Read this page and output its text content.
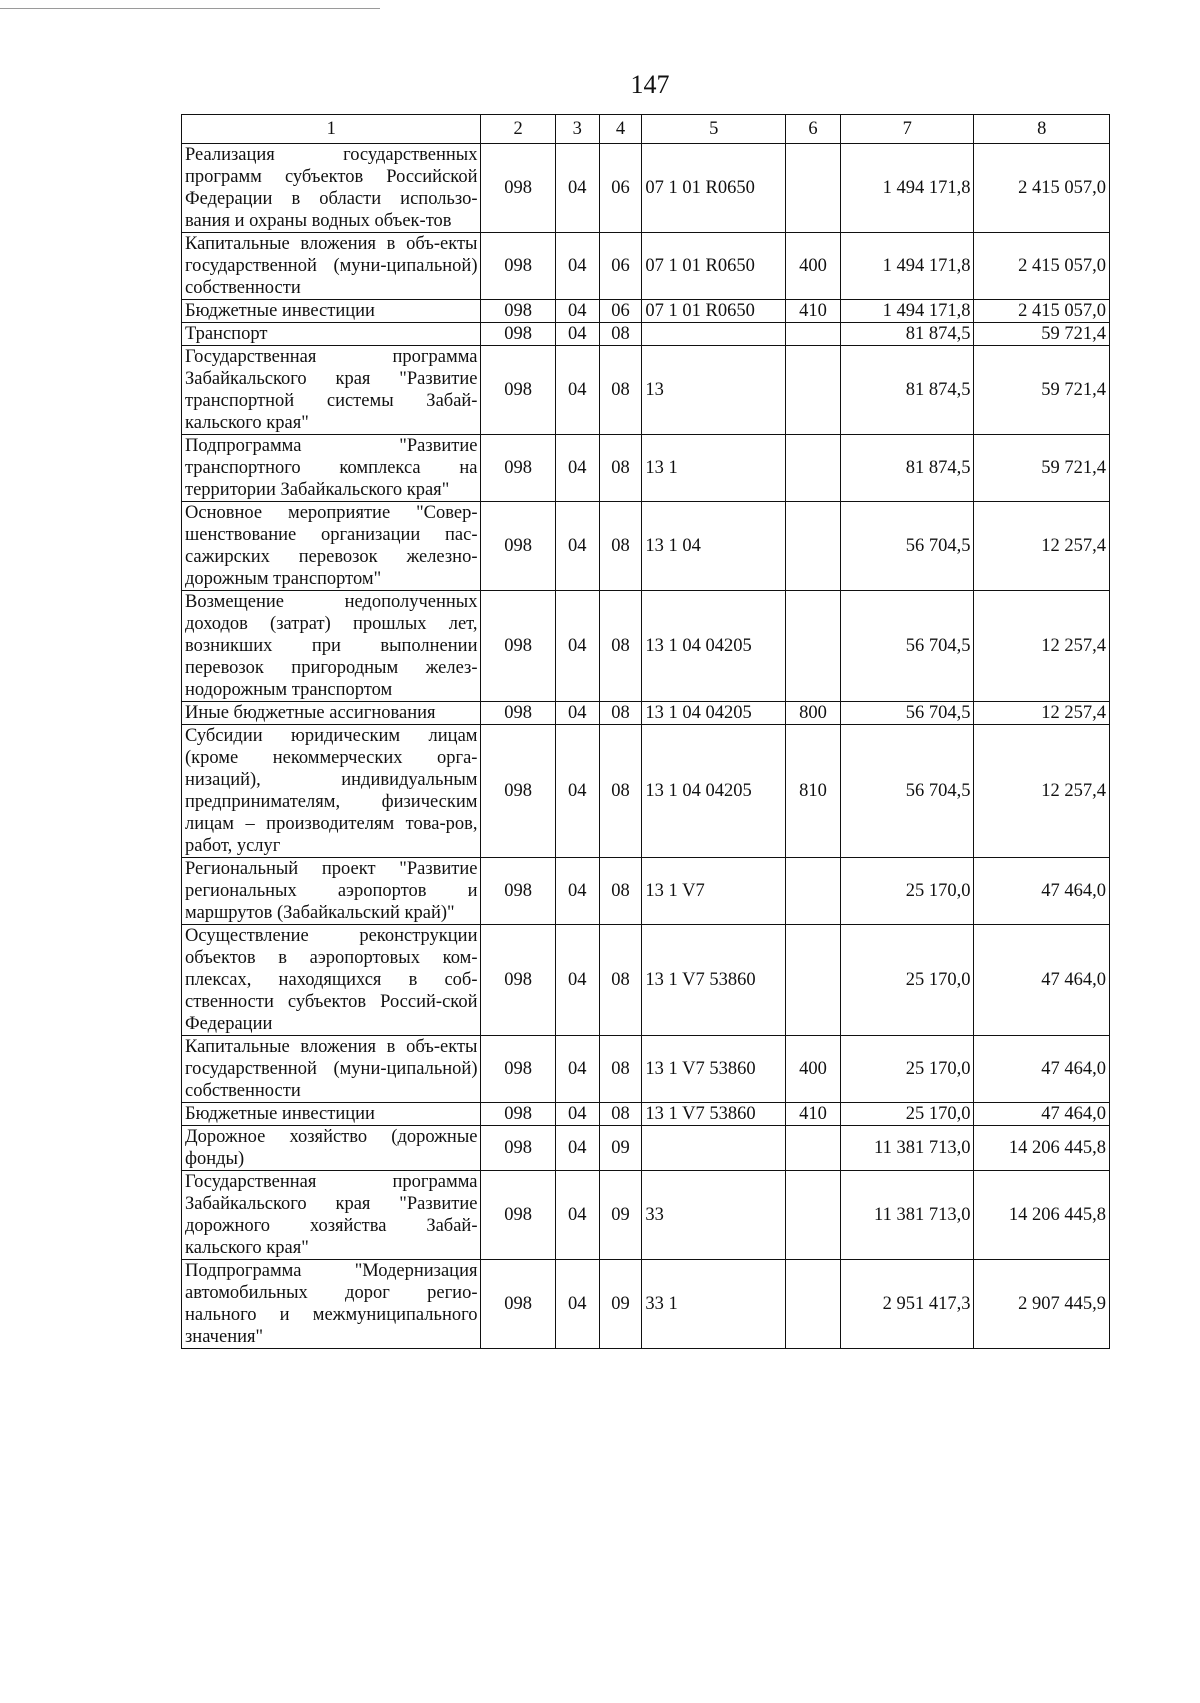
147
1	2	3	4	5	6	7	8
Реализация государственных программ субъектов Российской Федерации в области использо-вания и охраны водных объек-тов	098	04	06	07 1 01 R0650		1 494 171,8	2 415 057,0
Капитальные вложения в объ-екты государственной (муни-ципальной) собственности	098	04	06	07 1 01 R0650	400	1 494 171,8	2 415 057,0
Бюджетные инвестиции	098	04	06	07 1 01 R0650	410	1 494 171,8	2 415 057,0
Транспорт	098	04	08			81 874,5	59 721,4
Государственная программа Забайкальского края "Развитие транспортной системы Забай-кальского края"	098	04	08	13		81 874,5	59 721,4
Подпрограмма "Развитие транспортного комплекса на территории Забайкальского края"	098	04	08	13 1		81 874,5	59 721,4
Основное мероприятие "Совер-шенствование организации пас-сажирских перевозок железно-дорожным транспортом"	098	04	08	13 1 04		56 704,5	12 257,4
Возмещение недополученных доходов (затрат) прошлых лет, возникших при выполнении перевозок пригородным желез-нодорожным транспортом	098	04	08	13 1 04 04205		56 704,5	12 257,4
Иные бюджетные ассигнования	098	04	08	13 1 04 04205	800	56 704,5	12 257,4
Субсидии юридическим лицам (кроме некоммерческих орга-низаций), индивидуальным предпринимателям, физическим лицам – производителям това-ров, работ, услуг	098	04	08	13 1 04 04205	810	56 704,5	12 257,4
Региональный проект "Развитие региональных аэропортов и маршрутов (Забайкальский край)"	098	04	08	13 1 V7		25 170,0	47 464,0
Осуществление реконструкции объектов в аэропортовых ком-плексах, находящихся в соб-ственности субъектов Россий-ской Федерации	098	04	08	13 1 V7 53860		25 170,0	47 464,0
Капитальные вложения в объ-екты государственной (муни-ципальной) собственности	098	04	08	13 1 V7 53860	400	25 170,0	47 464,0
Бюджетные инвестиции	098	04	08	13 1 V7 53860	410	25 170,0	47 464,0
Дорожное хозяйство (дорожные фонды)	098	04	09			11 381 713,0	14 206 445,8
Государственная программа Забайкальского края "Развитие дорожного хозяйства Забай-кальского края"	098	04	09	33		11 381 713,0	14 206 445,8
Подпрограмма "Модернизация автомобильных дорог регио-нального и межмуниципального значения"	098	04	09	33 1		2 951 417,3	2 907 445,9
